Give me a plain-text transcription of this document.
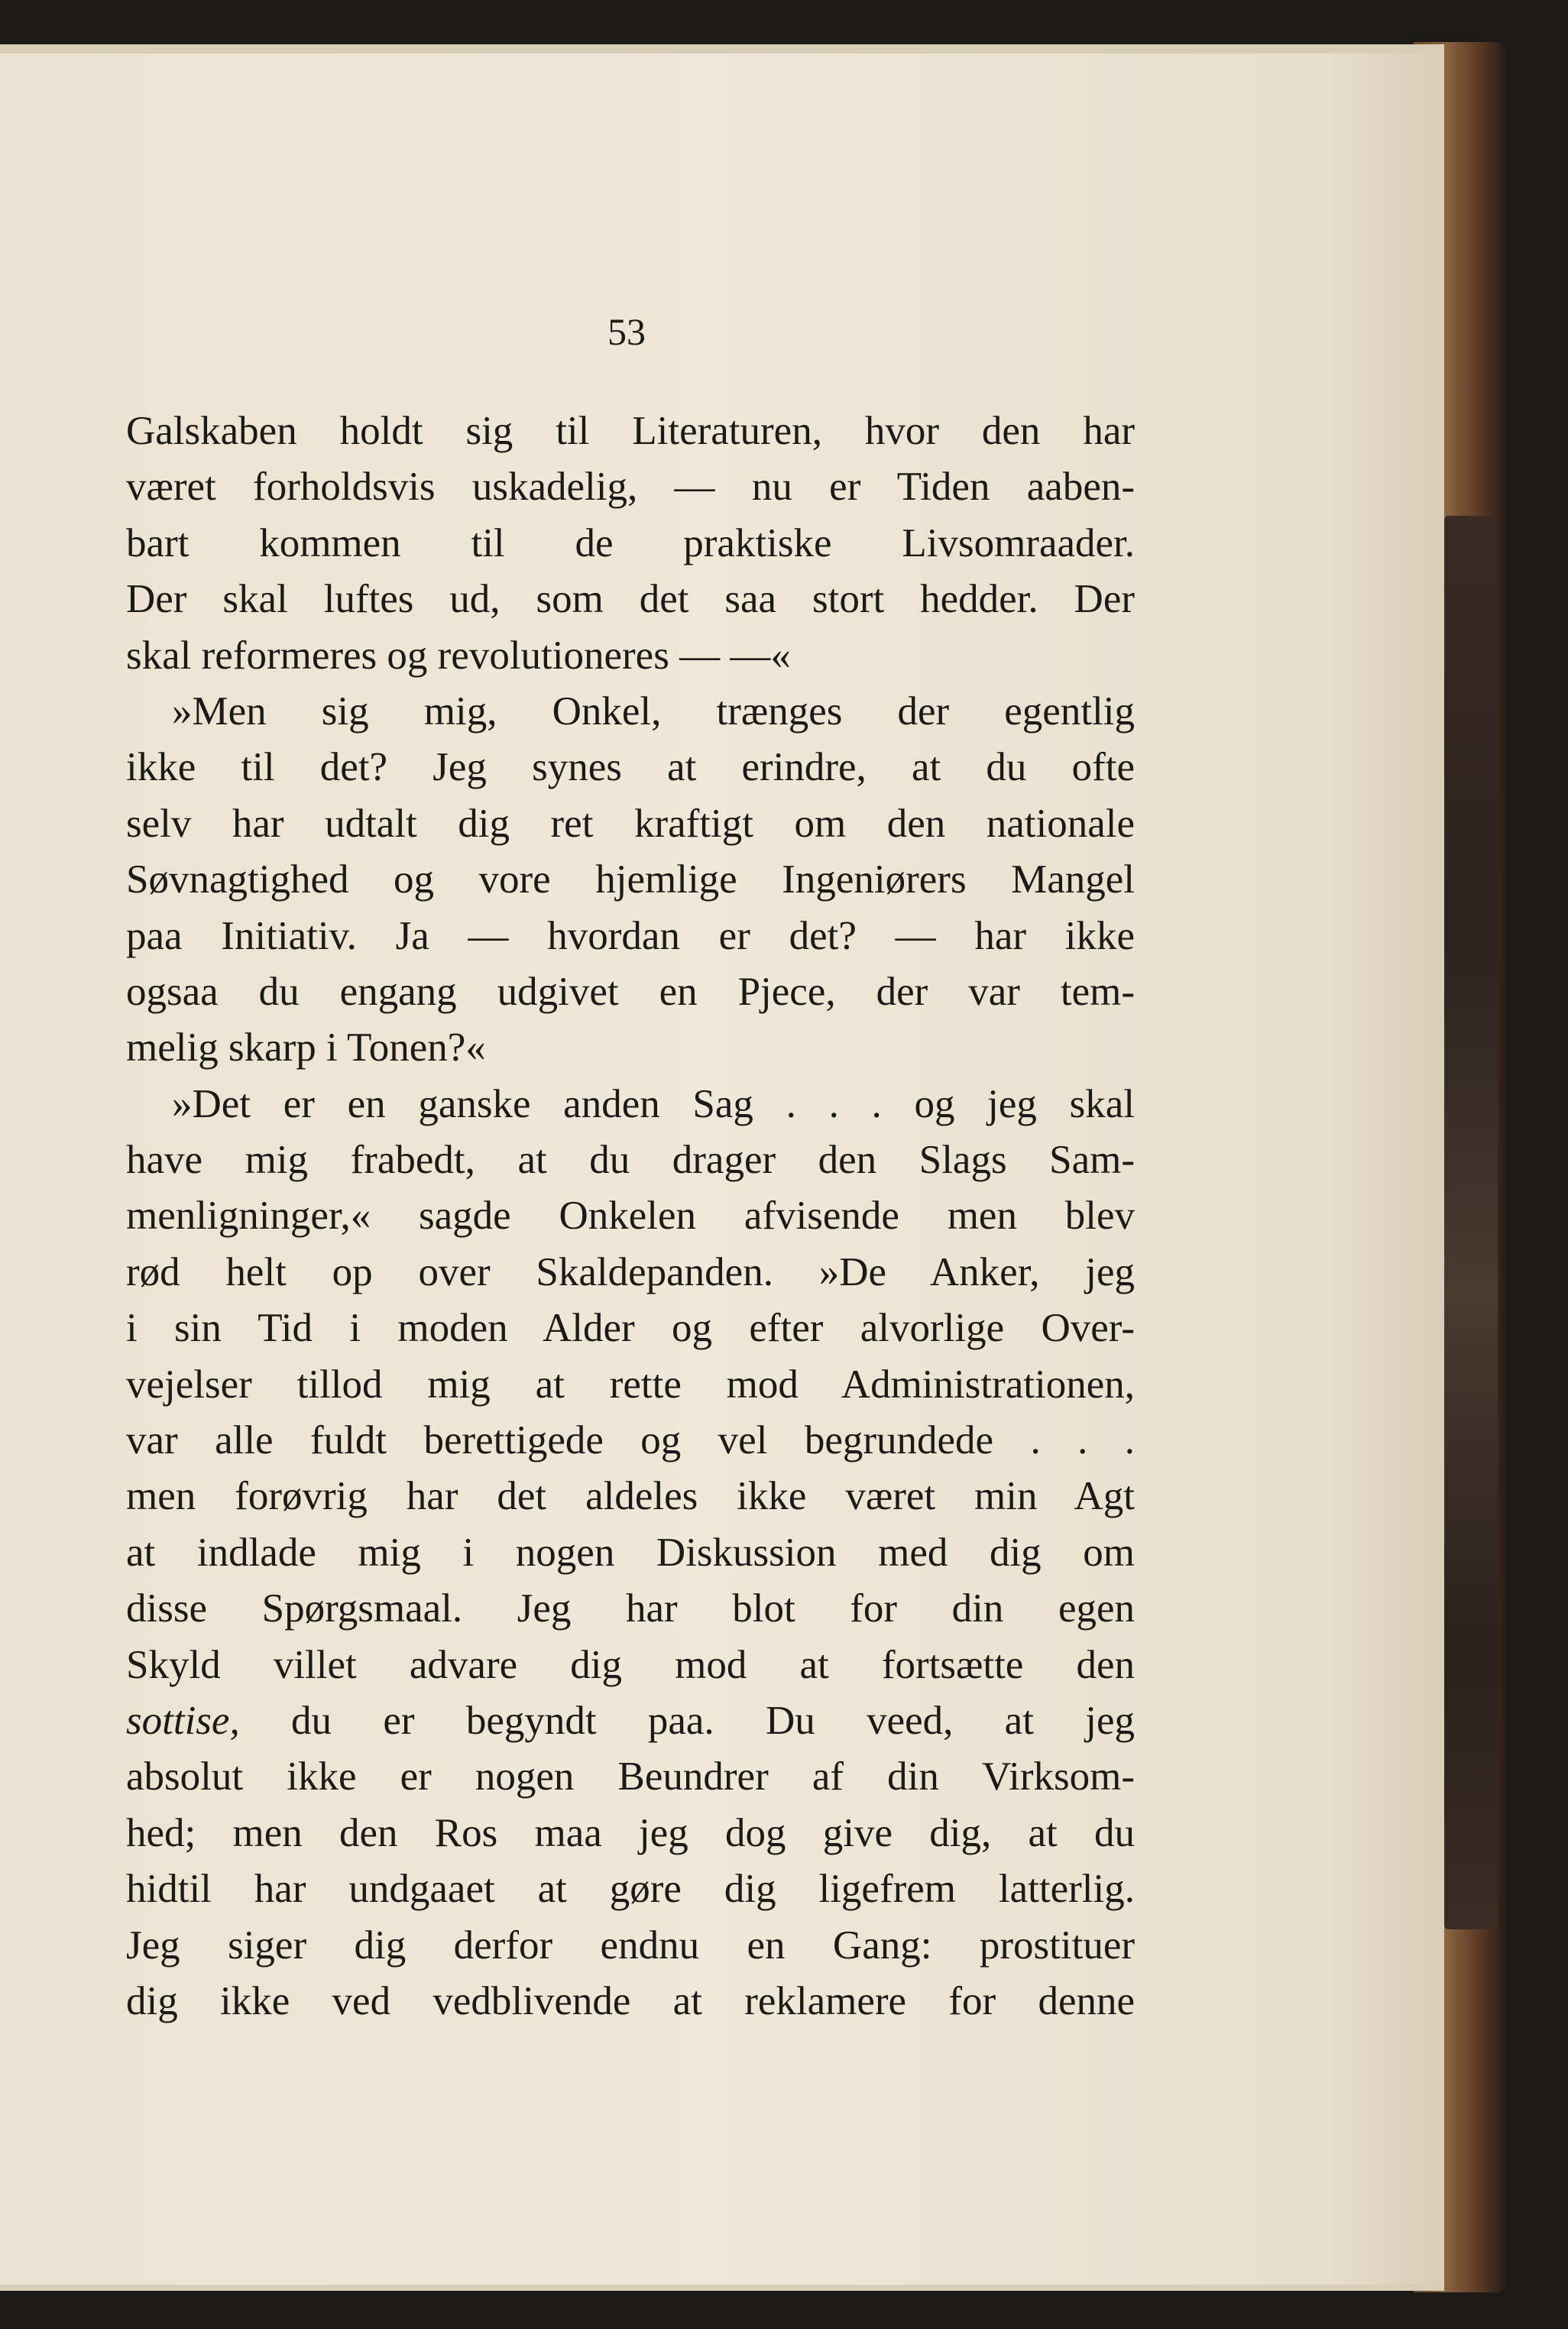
53

Galskaben holdt sig til Literaturen, hvor den har
været forholdsvis uskadelig, — nu er Tiden aaben-
bart kommen til de praktiske Livsomraader.
Der skal luftes ud, som det saa stort hedder. Der
skal reformeres og revolutioneres — —«
»Men sig mig, Onkel, trænges der egentlig
ikke til det? Jeg synes at erindre, at du ofte
selv har udtalt dig ret kraftigt om den nationale
Søvnagtighed og vore hjemlige Ingeniørers Mangel
paa Initiativ. Ja — hvordan er det? — har ikke
ogsaa du engang udgivet en Pjece, der var tem-
melig skarp i Tonen?«
»Det er en ganske anden Sag . . . og jeg skal
have mig frabedt, at du drager den Slags Sam-
menligninger,« sagde Onkelen afvisende men blev
rød helt op over Skaldepanden. »De Anker, jeg
i sin Tid i moden Alder og efter alvorlige Over-
vejelser tillod mig at rette mod Administrationen,
var alle fuldt berettigede og vel begrundede . . .
men forøvrig har det aldeles ikke været min Agt
at indlade mig i nogen Diskussion med dig om
disse Spørgsmaal. Jeg har blot for din egen
Skyld villet advare dig mod at fortsætte den
sottise, du er begyndt paa. Du veed, at jeg
absolut ikke er nogen Beundrer af din Virksom-
hed; men den Ros maa jeg dog give dig, at du
hidtil har undgaaet at gøre dig ligefrem latterlig.
Jeg siger dig derfor endnu en Gang: prostituer
dig ikke ved vedblivende at reklamere for denne
